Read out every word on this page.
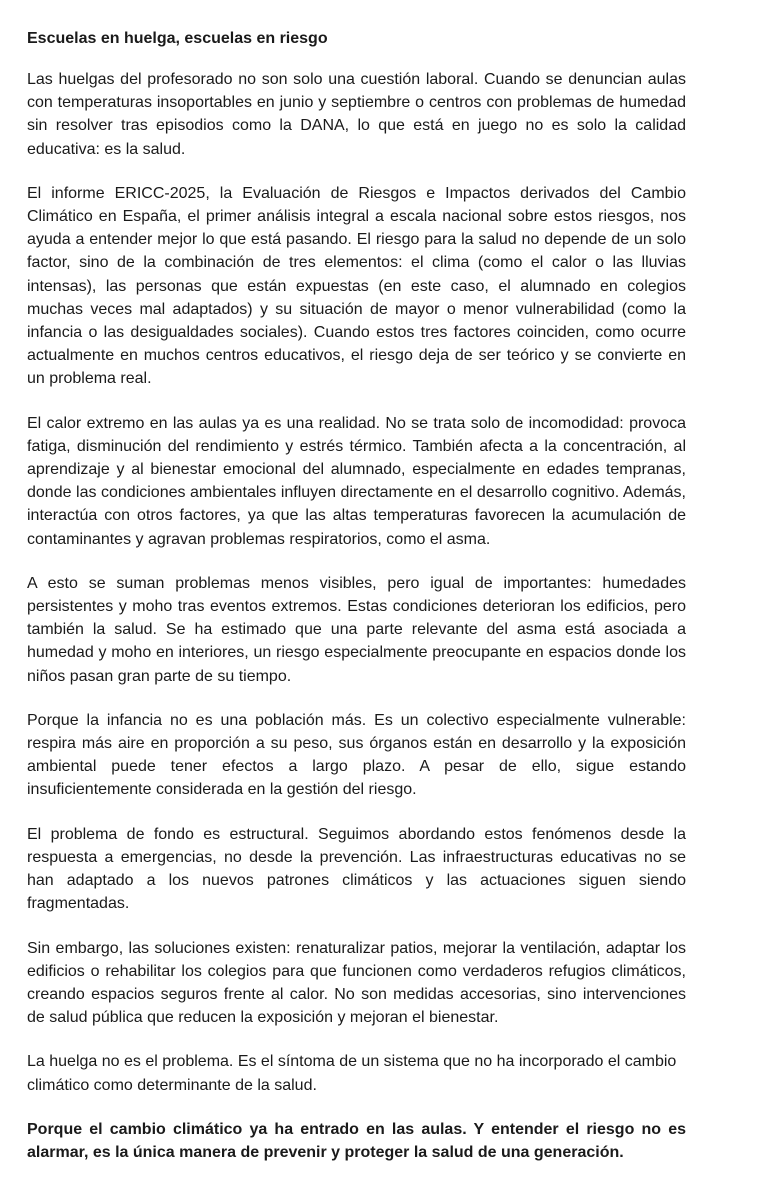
Escuelas en huelga, escuelas en riesgo

Las huelgas del profesorado no son solo una cuestión laboral. Cuando se denuncian aulas con temperaturas insoportables en junio y septiembre o centros con problemas de humedad sin resolver tras episodios como la DANA, lo que está en juego no es solo la calidad educativa: es la salud.

El informe ERICC-2025, la Evaluación de Riesgos e Impactos derivados del Cambio Climático en España, el primer análisis integral a escala nacional sobre estos riesgos, nos ayuda a entender mejor lo que está pasando. El riesgo para la salud no depende de un solo factor, sino de la combinación de tres elementos: el clima (como el calor o las lluvias intensas), las personas que están expuestas (en este caso, el alumnado en colegios muchas veces mal adaptados) y su situación de mayor o menor vulnerabilidad (como la infancia o las desigualdades sociales). Cuando estos tres factores coinciden, como ocurre actualmente en muchos centros educativos, el riesgo deja de ser teórico y se convierte en un problema real.

El calor extremo en las aulas ya es una realidad. No se trata solo de incomodidad: provoca fatiga, disminución del rendimiento y estrés térmico. También afecta a la concentración, al aprendizaje y al bienestar emocional del alumnado, especialmente en edades tempranas, donde las condiciones ambientales influyen directamente en el desarrollo cognitivo. Además, interactúa con otros factores, ya que las altas temperaturas favorecen la acumulación de contaminantes y agravan problemas respiratorios, como el asma.

A esto se suman problemas menos visibles, pero igual de importantes: humedades persistentes y moho tras eventos extremos. Estas condiciones deterioran los edificios, pero también la salud. Se ha estimado que una parte relevante del asma está asociada a humedad y moho en interiores, un riesgo especialmente preocupante en espacios donde los niños pasan gran parte de su tiempo.

Porque la infancia no es una población más. Es un colectivo especialmente vulnerable: respira más aire en proporción a su peso, sus órganos están en desarrollo y la exposición ambiental puede tener efectos a largo plazo. A pesar de ello, sigue estando insuficientemente considerada en la gestión del riesgo.

El problema de fondo es estructural. Seguimos abordando estos fenómenos desde la respuesta a emergencias, no desde la prevención. Las infraestructuras educativas no se han adaptado a los nuevos patrones climáticos y las actuaciones siguen siendo fragmentadas.

Sin embargo, las soluciones existen: renaturalizar patios, mejorar la ventilación, adaptar los edificios o rehabilitar los colegios para que funcionen como verdaderos refugios climáticos, creando espacios seguros frente al calor. No son medidas accesorias, sino intervenciones de salud pública que reducen la exposición y mejoran el bienestar.

La huelga no es el problema. Es el síntoma de un sistema que no ha incorporado el cambio climático como determinante de la salud.

Porque el cambio climático ya ha entrado en las aulas. Y entender el riesgo no es alarmar, es la única manera de prevenir y proteger la salud de una generación.
